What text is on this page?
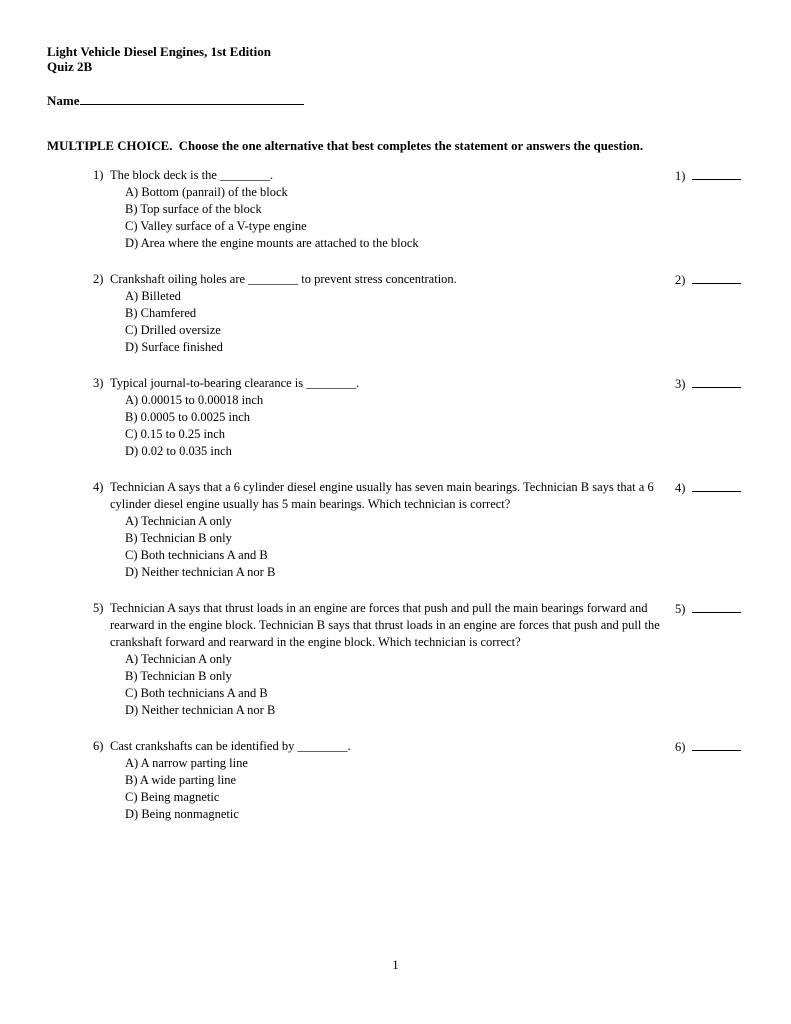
Light Vehicle Diesel Engines, 1st Edition
Quiz 2B
Name
MULTIPLE CHOICE.  Choose the one alternative that best completes the statement or answers the question.
1) The block deck is the ________.
A) Bottom (panrail) of the block
B) Top surface of the block
C) Valley surface of a V-type engine
D) Area where the engine mounts are attached to the block
1)
2) Crankshaft oiling holes are ________ to prevent stress concentration.
A) Billeted
B) Chamfered
C) Drilled oversize
D) Surface finished
2)
3) Typical journal-to-bearing clearance is ________.
A) 0.00015 to 0.00018 inch
B) 0.0005 to 0.0025 inch
C) 0.15 to 0.25 inch
D) 0.02 to 0.035 inch
3)
4) Technician A says that a 6 cylinder diesel engine usually has seven main bearings. Technician B says that a 6 cylinder diesel engine usually has 5 main bearings. Which technician is correct?
A) Technician A only
B) Technician B only
C) Both technicians A and B
D) Neither technician A nor B
4)
5) Technician A says that thrust loads in an engine are forces that push and pull the main bearings forward and rearward in the engine block. Technician B says that thrust loads in an engine are forces that push and pull the crankshaft forward and rearward in the engine block. Which technician is correct?
A) Technician A only
B) Technician B only
C) Both technicians A and B
D) Neither technician A nor B
5)
6) Cast crankshafts can be identified by ________.
A) A narrow parting line
B) A wide parting line
C) Being magnetic
D) Being nonmagnetic
6)
1
